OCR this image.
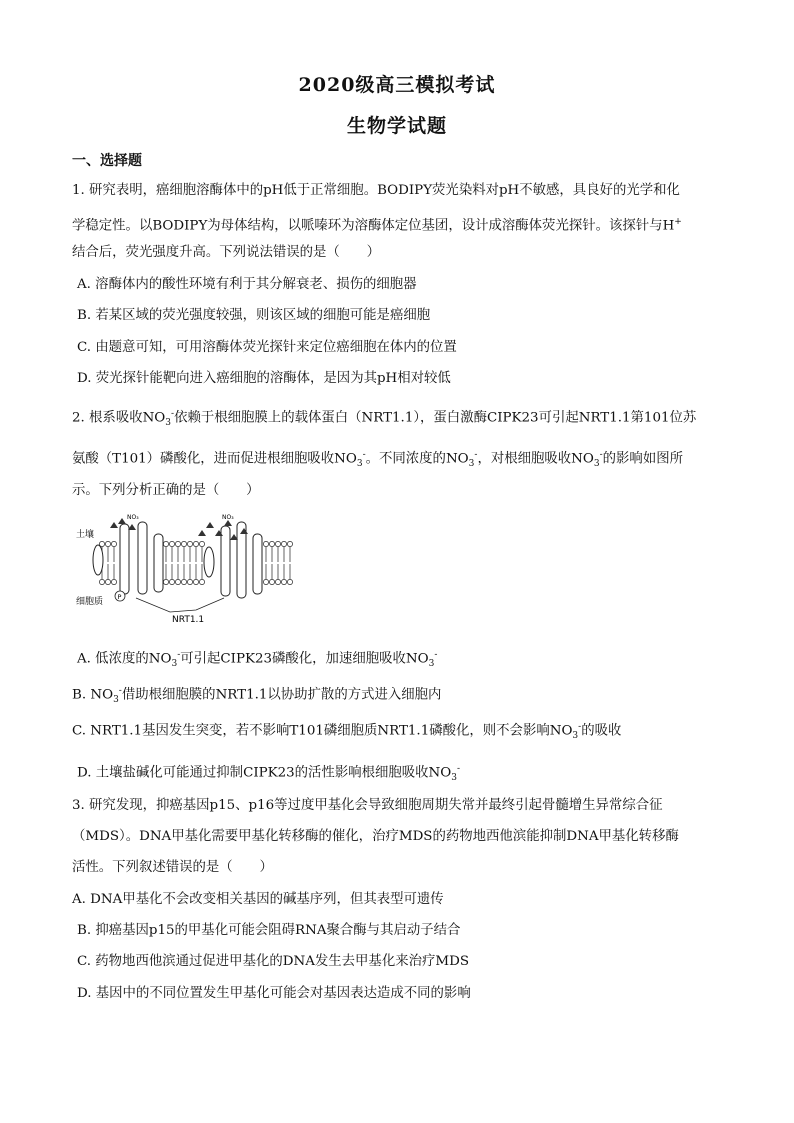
2020级高三模拟考试
生物学试题
一、选择题
1. 研究表明，癌细胞溶酶体中的pH低于正常细胞。BODIPY荧光染料对pH不敏感，具良好的光学和化
学稳定性。以BODIPY为母体结构，以哌嗪环为溶酶体定位基团，设计成溶酶体荧光探针。该探针与H+
结合后，荧光强度升高。下列说法错误的是（　　）
A. 溶酶体内的酸性环境有利于其分解衰老、损伤的细胞器
B. 若某区域的荧光强度较强，则该区域的细胞可能是癌细胞
C. 由题意可知，可用溶酶体荧光探针来定位癌细胞在体内的位置
D. 荧光探针能靶向进入癌细胞的溶酶体，是因为其pH相对较低
2. 根系吸收$NO_3^-$依赖于根细胞膜上的载体蛋白（NRT1.1），蛋白激酶CIPK23可引起NRT1.1第101位苏
氨酸（T101）磷酸化，进而促进根细胞吸收$NO_3^-$。不同浓度的$NO_3^-$，对根细胞吸收$NO_3^-$的影响如图所
示。下列分析正确的是（　　）
NO₃	NO₃
土壤
细胞质 P
NRT1.1
A. 低浓度的$NO_3^-$可引起CIPK23磷酸化，加速细胞吸收$NO_3^-$
B. $NO_3^-$借助根细胞膜的NRT1.1以协助扩散的方式进入细胞内
C. NRT1.1基因发生突变，若不影响T101磷细胞质NRT1.1磷酸化，则不会影响$NO_3^-$的吸收
D. 土壤盐碱化可能通过抑制CIPK23的活性影响根细胞吸收$NO_3^-$
3. 研究发现，抑癌基因p15、p16等过度甲基化会导致细胞周期失常并最终引起骨髓增生异常综合征
（MDS）。DNA甲基化需要甲基化转移酶的催化，治疗MDS的药物地西他滨能抑制DNA甲基化转移酶
活性。下列叙述错误的是（　　）
A. DNA甲基化不会改变相关基因的碱基序列，但其表型可遗传
B. 抑癌基因p15的甲基化可能会阻碍RNA聚合酶与其启动子结合
C. 药物地西他滨通过促进甲基化的DNA发生去甲基化来治疗MDS
D. 基因中的不同位置发生甲基化可能会对基因表达造成不同的影响
